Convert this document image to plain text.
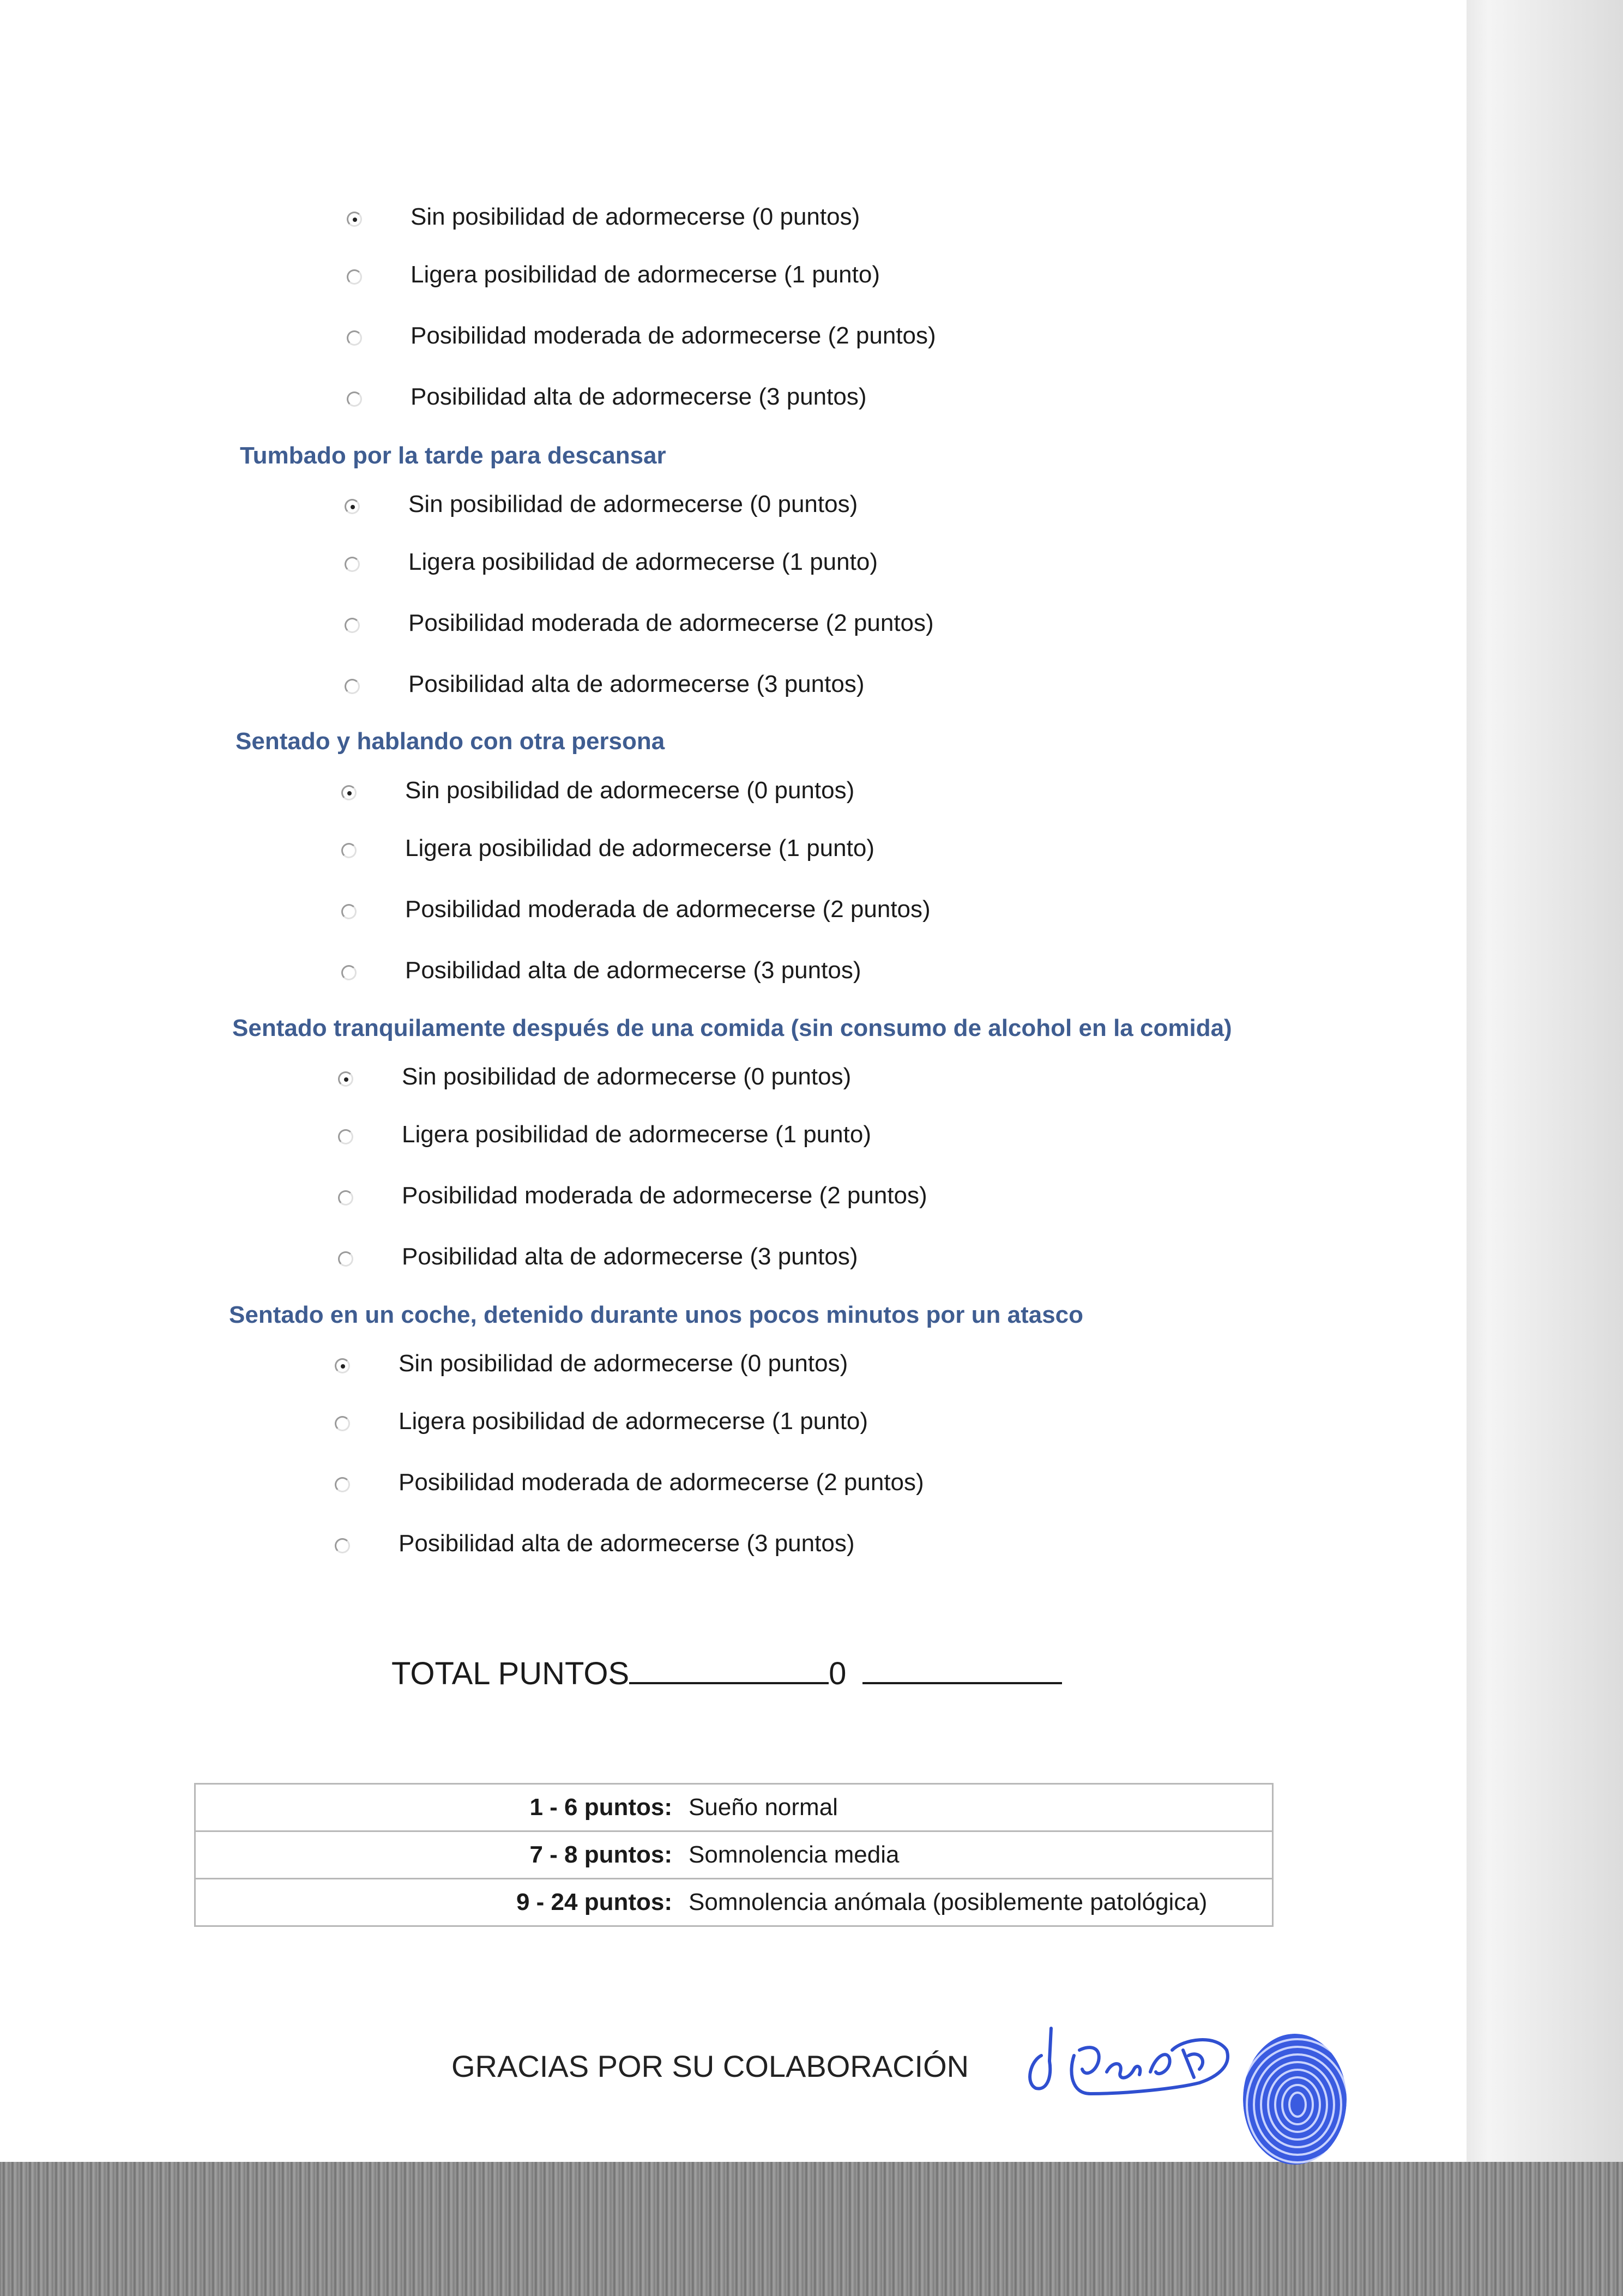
Sin posibilidad de adormecerse (0 puntos)
Ligera posibilidad de adormecerse (1 punto)
Posibilidad moderada de adormecerse (2 puntos)
Posibilidad alta de adormecerse (3 puntos)
Tumbado por la tarde para descansar
Sin posibilidad de adormecerse (0 puntos)
Ligera posibilidad de adormecerse (1 punto)
Posibilidad moderada de adormecerse (2 puntos)
Posibilidad alta de adormecerse (3 puntos)
Sentado y hablando con otra persona
Sin posibilidad de adormecerse (0 puntos)
Ligera posibilidad de adormecerse (1 punto)
Posibilidad moderada de adormecerse (2 puntos)
Posibilidad alta de adormecerse (3 puntos)
Sentado tranquilamente después de una comida (sin consumo de alcohol en la comida)
Sin posibilidad de adormecerse (0 puntos)
Ligera posibilidad de adormecerse (1 punto)
Posibilidad moderada de adormecerse (2 puntos)
Posibilidad alta de adormecerse (3 puntos)
Sentado en un coche, detenido durante unos pocos minutos por un atasco
Sin posibilidad de adormecerse (0 puntos)
Ligera posibilidad de adormecerse (1 punto)
Posibilidad moderada de adormecerse (2 puntos)
Posibilidad alta de adormecerse (3 puntos)
TOTAL PUNTOS	0
1 - 6 puntos:	Sueño normal
7 - 8 puntos:	Somnolencia media
9 - 24 puntos:	Somnolencia anómala (posiblemente patológica)
GRACIAS POR SU COLABORACIÓN
